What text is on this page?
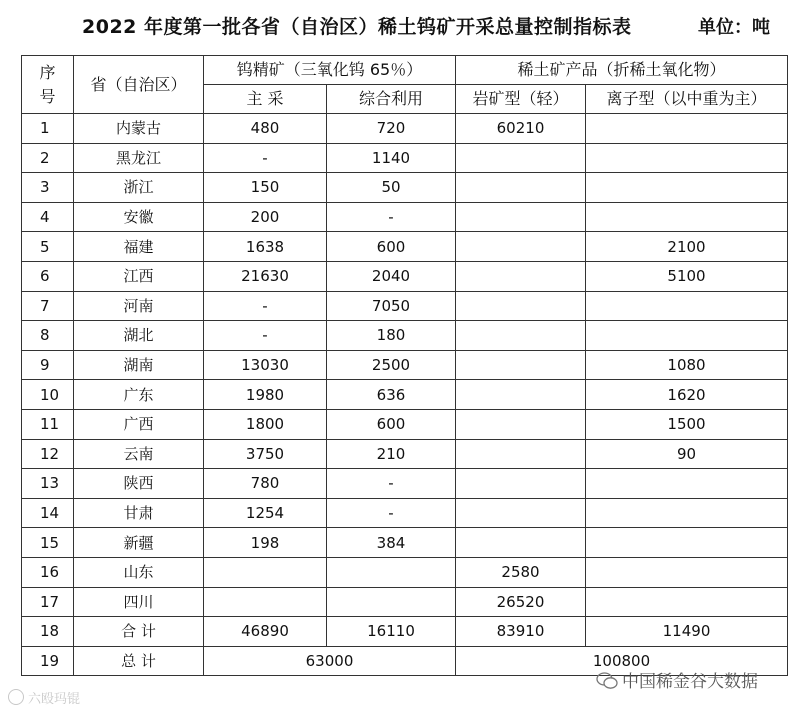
2022 年度第一批各省（自治区）稀土钨矿开采总量控制指标表	单位：吨
序号	省（自治区）	钨精矿（三氧化钨 65％）		稀土矿产品（折稀土氧化物）	
		主 采	综合利用	岩矿型（轻）	离子型（以中重为主）
1	内蒙古	480	720	60210	
2	黑龙江	-	1140		
3	浙江	150	50		
4	安徽	200	-		
5	福建	1638	600		2100
6	江西	21630	2040		5100
7	河南	-	7050		
8	湖北	-	180		
9	湖南	13030	2500		1080
10	广东	1980	636		1620
11	广西	1800	600		1500
12	云南	3750	210		90
13	陕西	780	-		
14	甘肃	1254	-		
15	新疆	198	384		
16	山东			2580	
17	四川			26520	
18	合 计	46890	16110	83910	11490
19	总 计	63000		100800	
六殴玛锟
中国稀金谷大数据
